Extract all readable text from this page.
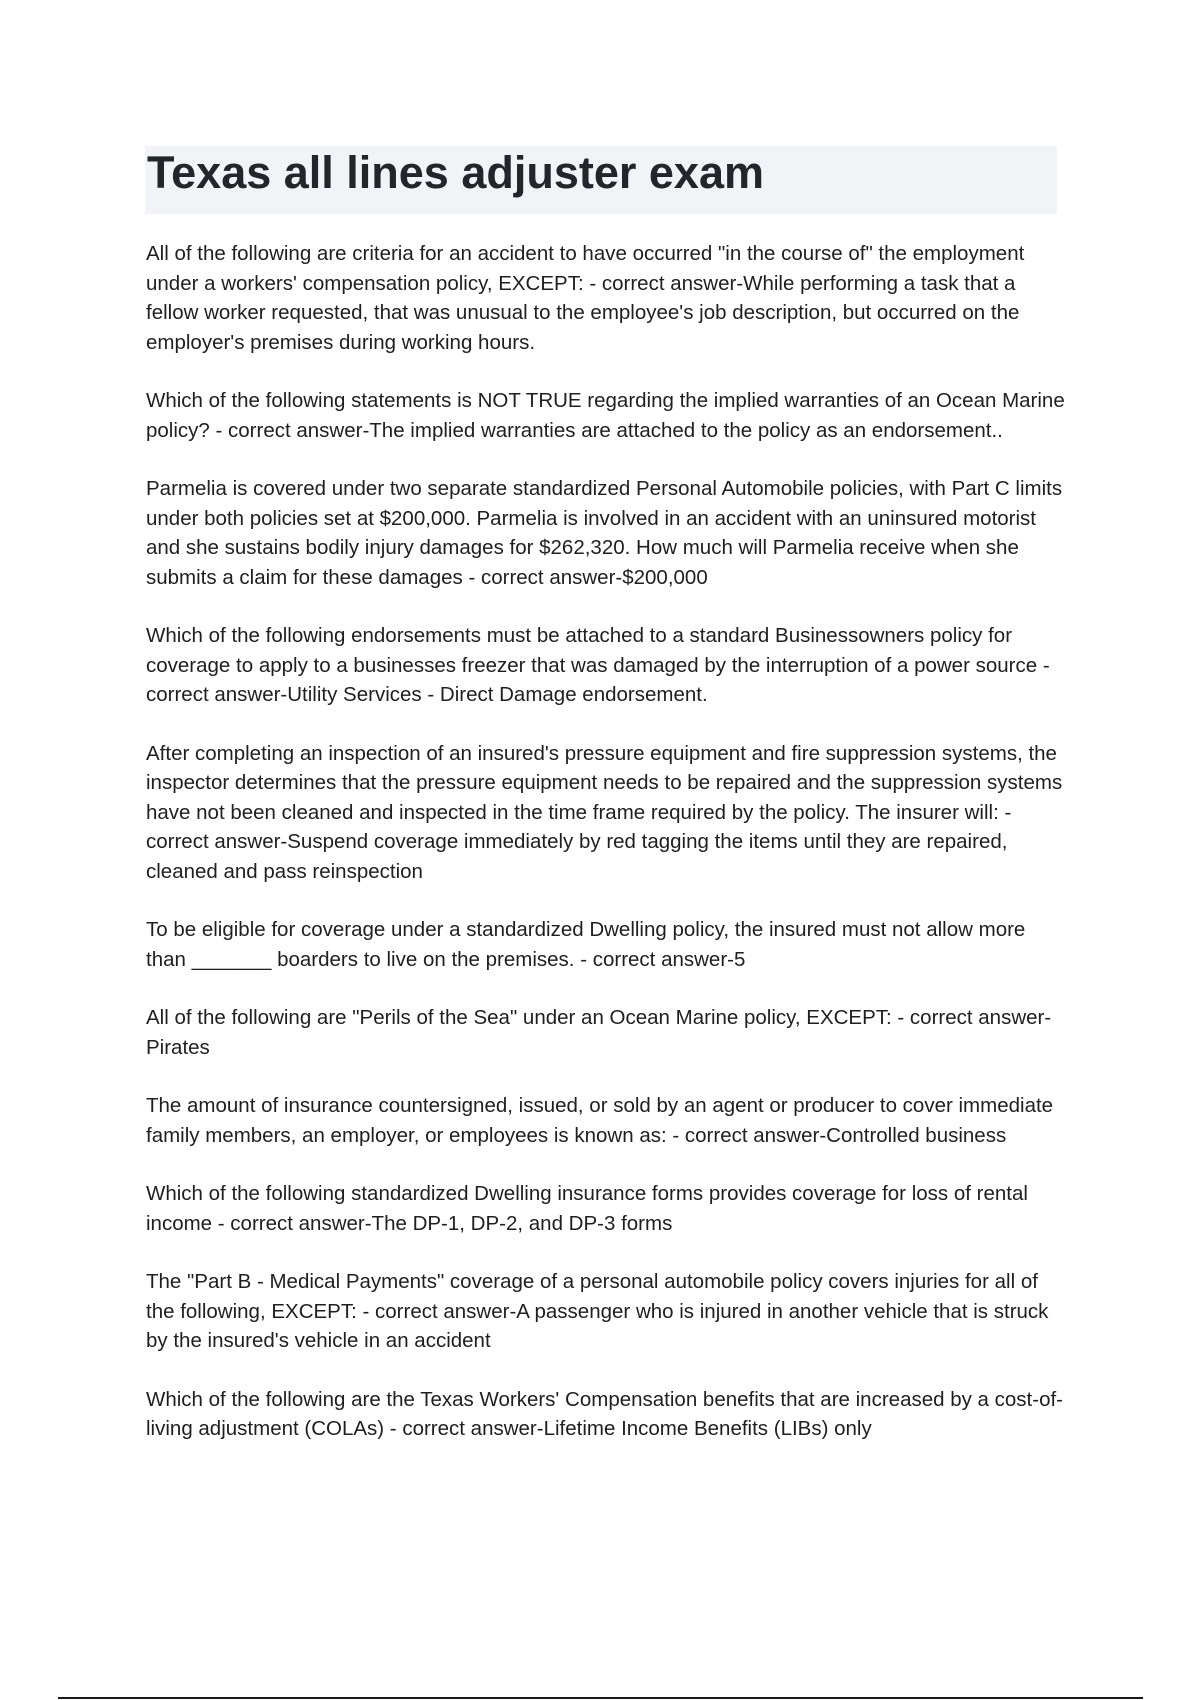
Texas all lines adjuster exam

All of the following are criteria for an accident to have occurred "in the course of" the employment under a workers' compensation policy, EXCEPT: - correct answer-While performing a task that a fellow worker requested, that was unusual to the employee's job description, but occurred on the employer's premises during working hours.

Which of the following statements is NOT TRUE regarding the implied warranties of an Ocean Marine policy? - correct answer-The implied warranties are attached to the policy as an endorsement..

Parmelia is covered under two separate standardized Personal Automobile policies, with Part C limits under both policies set at $200,000. Parmelia is involved in an accident with an uninsured motorist and she sustains bodily injury damages for $262,320. How much will Parmelia receive when she submits a claim for these damages - correct answer-$200,000

Which of the following endorsements must be attached to a standard Businessowners policy for coverage to apply to a businesses freezer that was damaged by the interruption of a power source - correct answer-Utility Services - Direct Damage endorsement.

After completing an inspection of an insured's pressure equipment and fire suppression systems, the inspector determines that the pressure equipment needs to be repaired and the suppression systems have not been cleaned and inspected in the time frame required by the policy. The insurer will: - correct answer-Suspend coverage immediately by red tagging the items until they are repaired, cleaned and pass reinspection

To be eligible for coverage under a standardized Dwelling policy, the insured must not allow more than _______ boarders to live on the premises. - correct answer-5

All of the following are "Perils of the Sea" under an Ocean Marine policy, EXCEPT: - correct answer-Pirates

The amount of insurance countersigned, issued, or sold by an agent or producer to cover immediate family members, an employer, or employees is known as: - correct answer-Controlled business

Which of the following standardized Dwelling insurance forms provides coverage for loss of rental income - correct answer-The DP-1, DP-2, and DP-3 forms

The "Part B - Medical Payments" coverage of a personal automobile policy covers injuries for all of the following, EXCEPT: - correct answer-A passenger who is injured in another vehicle that is struck by the insured's vehicle in an accident

Which of the following are the Texas Workers' Compensation benefits that are increased by a cost-of-living adjustment (COLAs) - correct answer-Lifetime Income Benefits (LIBs) only
